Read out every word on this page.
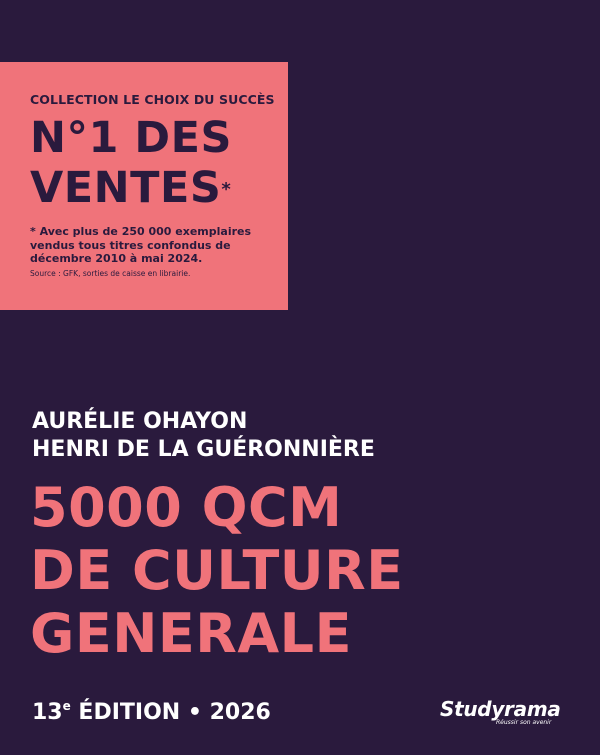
COLLECTION LE CHOIX DU SUCCÈS
N°1 DES
VENTES*
* Avec plus de 250 000 exemplaires vendus tous titres confondus de décembre 2010 à mai 2024.
Source : GFK, sorties de caisse en librairie.
AURÉLIE OHAYON
HENRI DE LA GUÉRONNIÈRE
5000 QCM
DE CULTURE
GENERALE
13e ÉDITION • 2026	Studyrama
Réussir son avenir
